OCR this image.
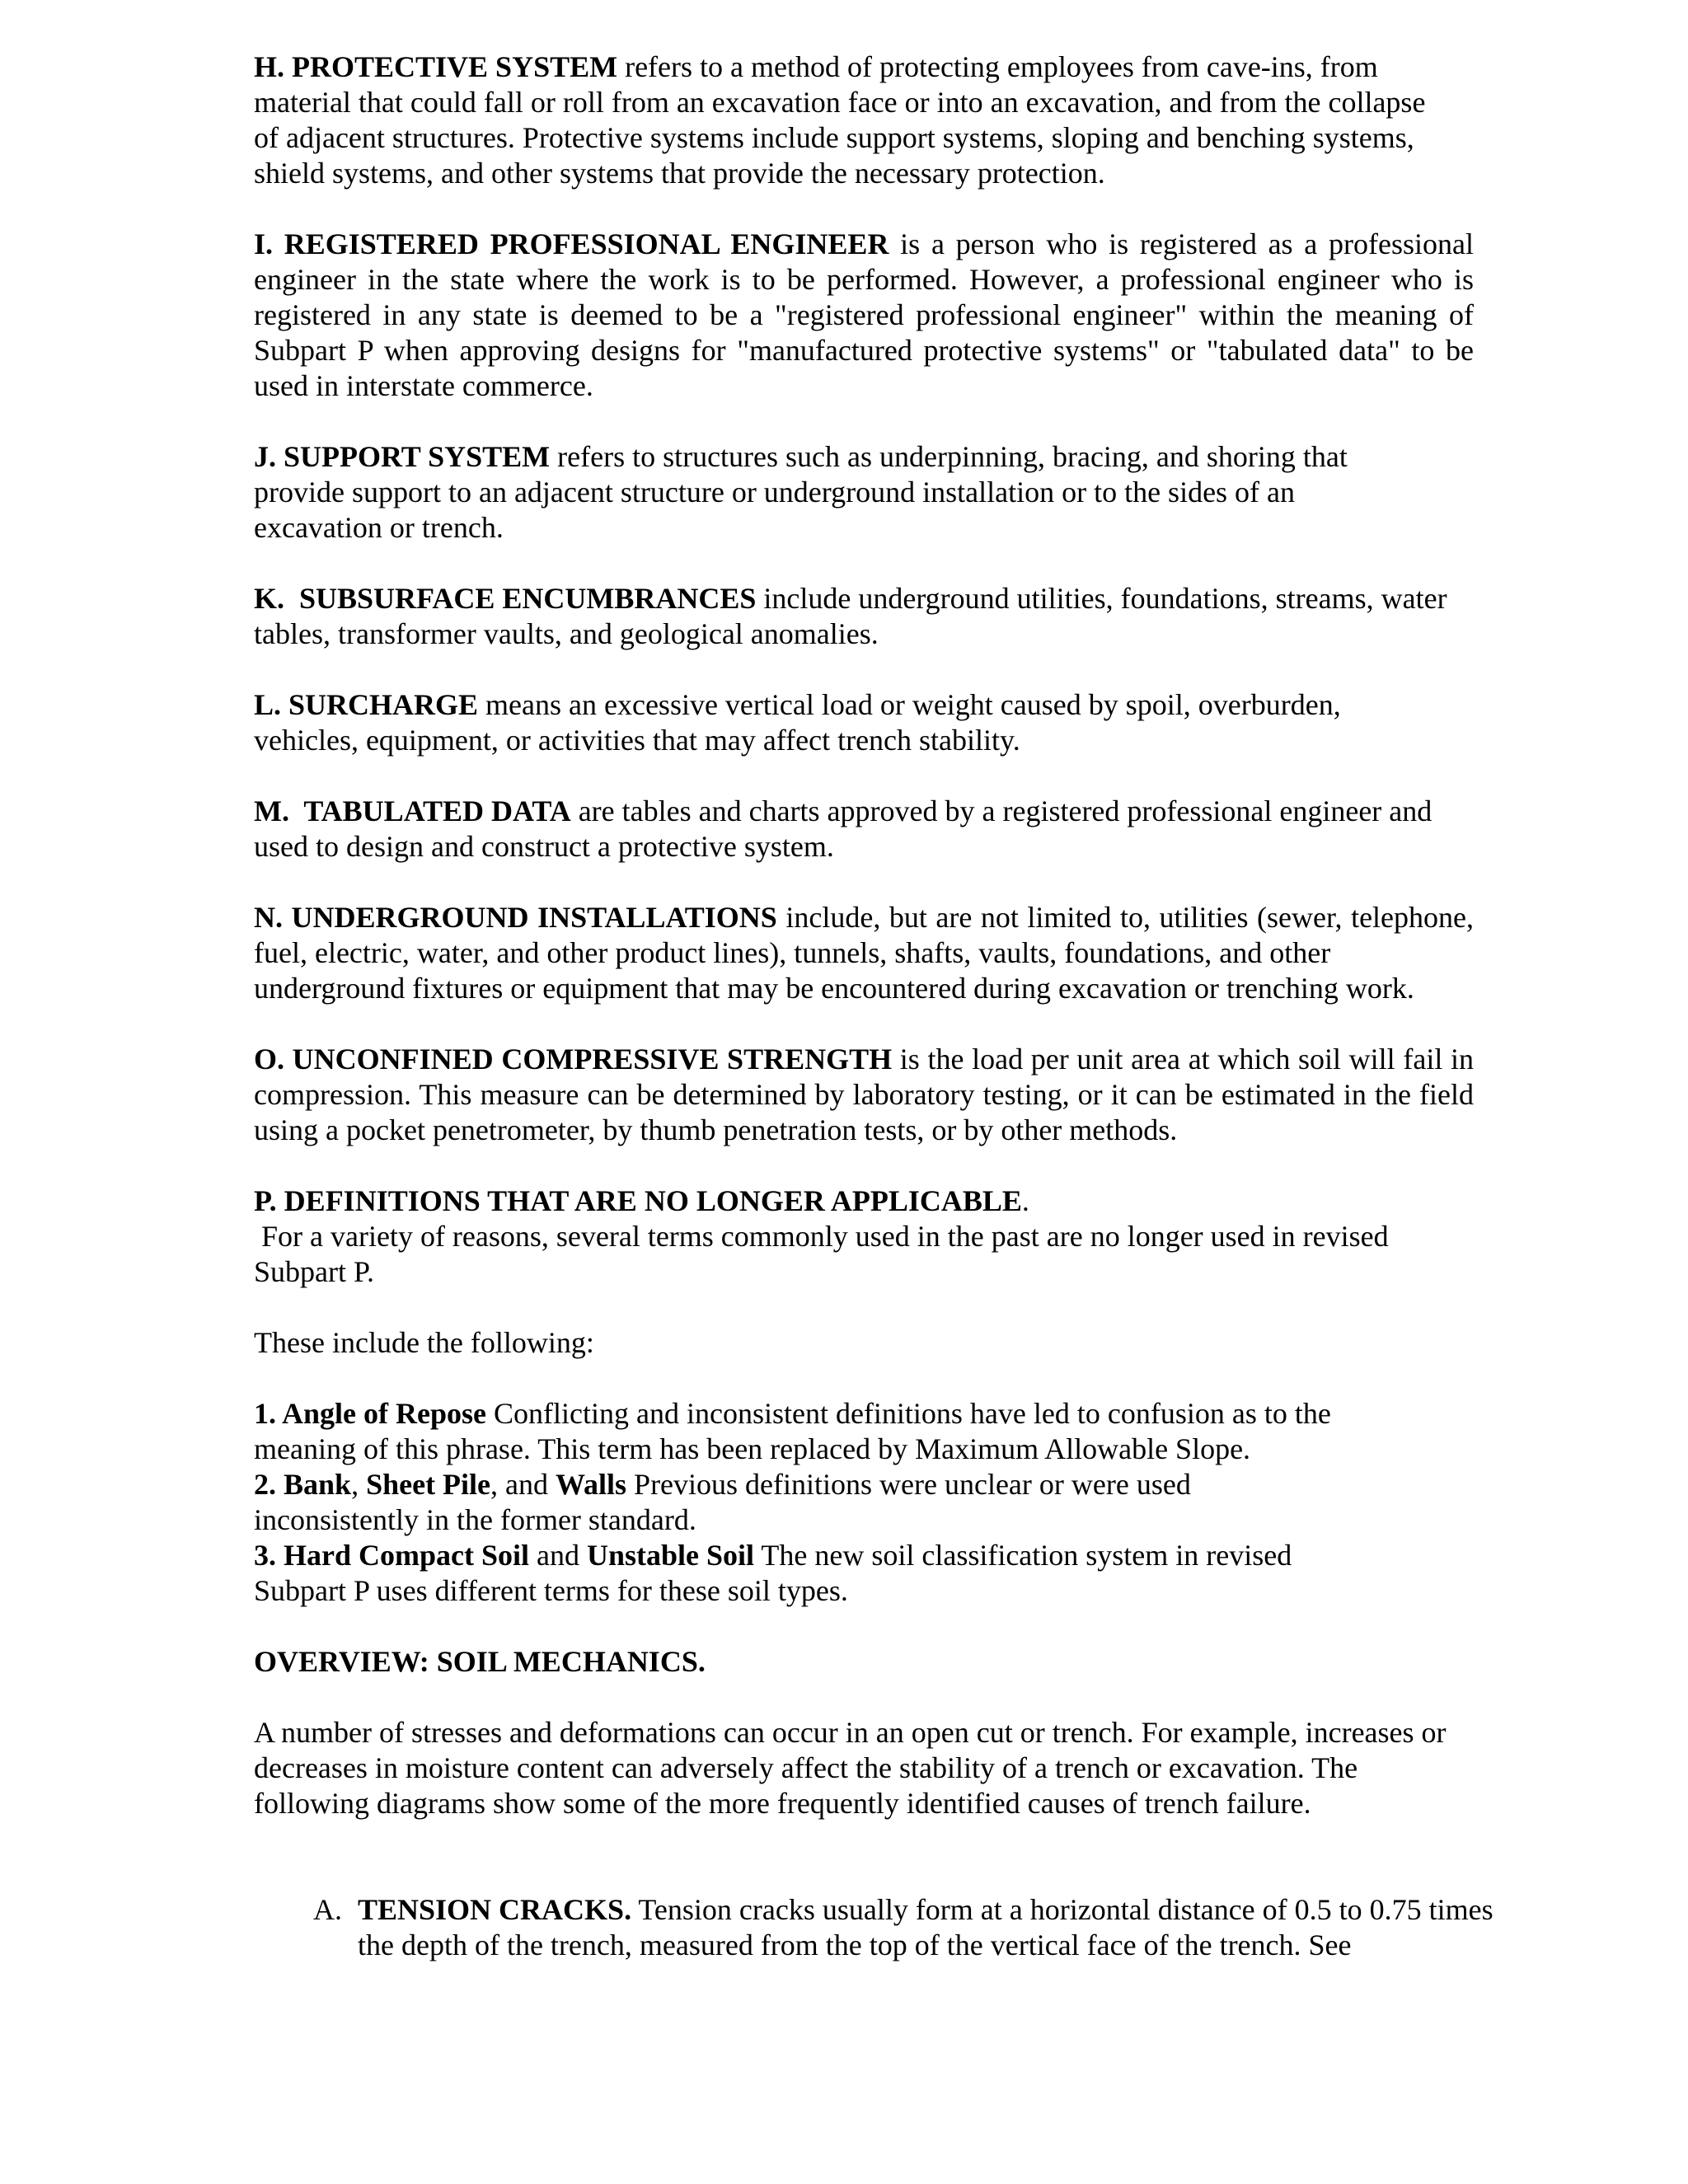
H. PROTECTIVE SYSTEM refers to a method of protecting employees from cave-ins, from material that could fall or roll from an excavation face or into an excavation, and from the collapse of adjacent structures. Protective systems include support systems, sloping and benching systems, shield systems, and other systems that provide the necessary protection.

I. REGISTERED PROFESSIONAL ENGINEER is a person who is registered as a professional engineer in the state where the work is to be performed. However, a professional engineer who is registered in any state is deemed to be a "registered professional engineer" within the meaning of Subpart P when approving designs for "manufactured protective systems" or "tabulated data" to be used in interstate commerce.

J. SUPPORT SYSTEM refers to structures such as underpinning, bracing, and shoring that provide support to an adjacent structure or underground installation or to the sides of an excavation or trench.

K.  SUBSURFACE ENCUMBRANCES include underground utilities, foundations, streams, water tables, transformer vaults, and geological anomalies.

L. SURCHARGE means an excessive vertical load or weight caused by spoil, overburden, vehicles, equipment, or activities that may affect trench stability.

M.  TABULATED DATA are tables and charts approved by a registered professional engineer and used to design and construct a protective system.

N. UNDERGROUND INSTALLATIONS include, but are not limited to, utilities (sewer, telephone, fuel, electric, water, and other product lines), tunnels, shafts, vaults, foundations, and other

underground fixtures or equipment that may be encountered during excavation or trenching work.

O. UNCONFINED COMPRESSIVE STRENGTH is the load per unit area at which soil will fail in compression. This measure can be determined by laboratory testing, or it can be estimated in the field using a pocket penetrometer, by thumb penetration tests, or by other methods.

P. DEFINITIONS THAT ARE NO LONGER APPLICABLE.

For a variety of reasons, several terms commonly used in the past are no longer used in revised Subpart P.

These include the following:

1. Angle of Repose Conflicting and inconsistent definitions have led to confusion as to the meaning of this phrase. This term has been replaced by Maximum Allowable Slope.

2. Bank, Sheet Pile, and Walls Previous definitions were unclear or were used inconsistently in the former standard.

3. Hard Compact Soil and Unstable Soil The new soil classification system in revised Subpart P uses different terms for these soil types.

OVERVIEW: SOIL MECHANICS.

A number of stresses and deformations can occur in an open cut or trench. For example, increases or

decreases in moisture content can adversely affect the stability of a trench or excavation. The following diagrams show some of the more frequently identified causes of trench failure.

A. TENSION CRACKS. Tension cracks usually form at a horizontal distance of 0.5 to 0.75 times the depth of the trench, measured from the top of the vertical face of the trench. See
